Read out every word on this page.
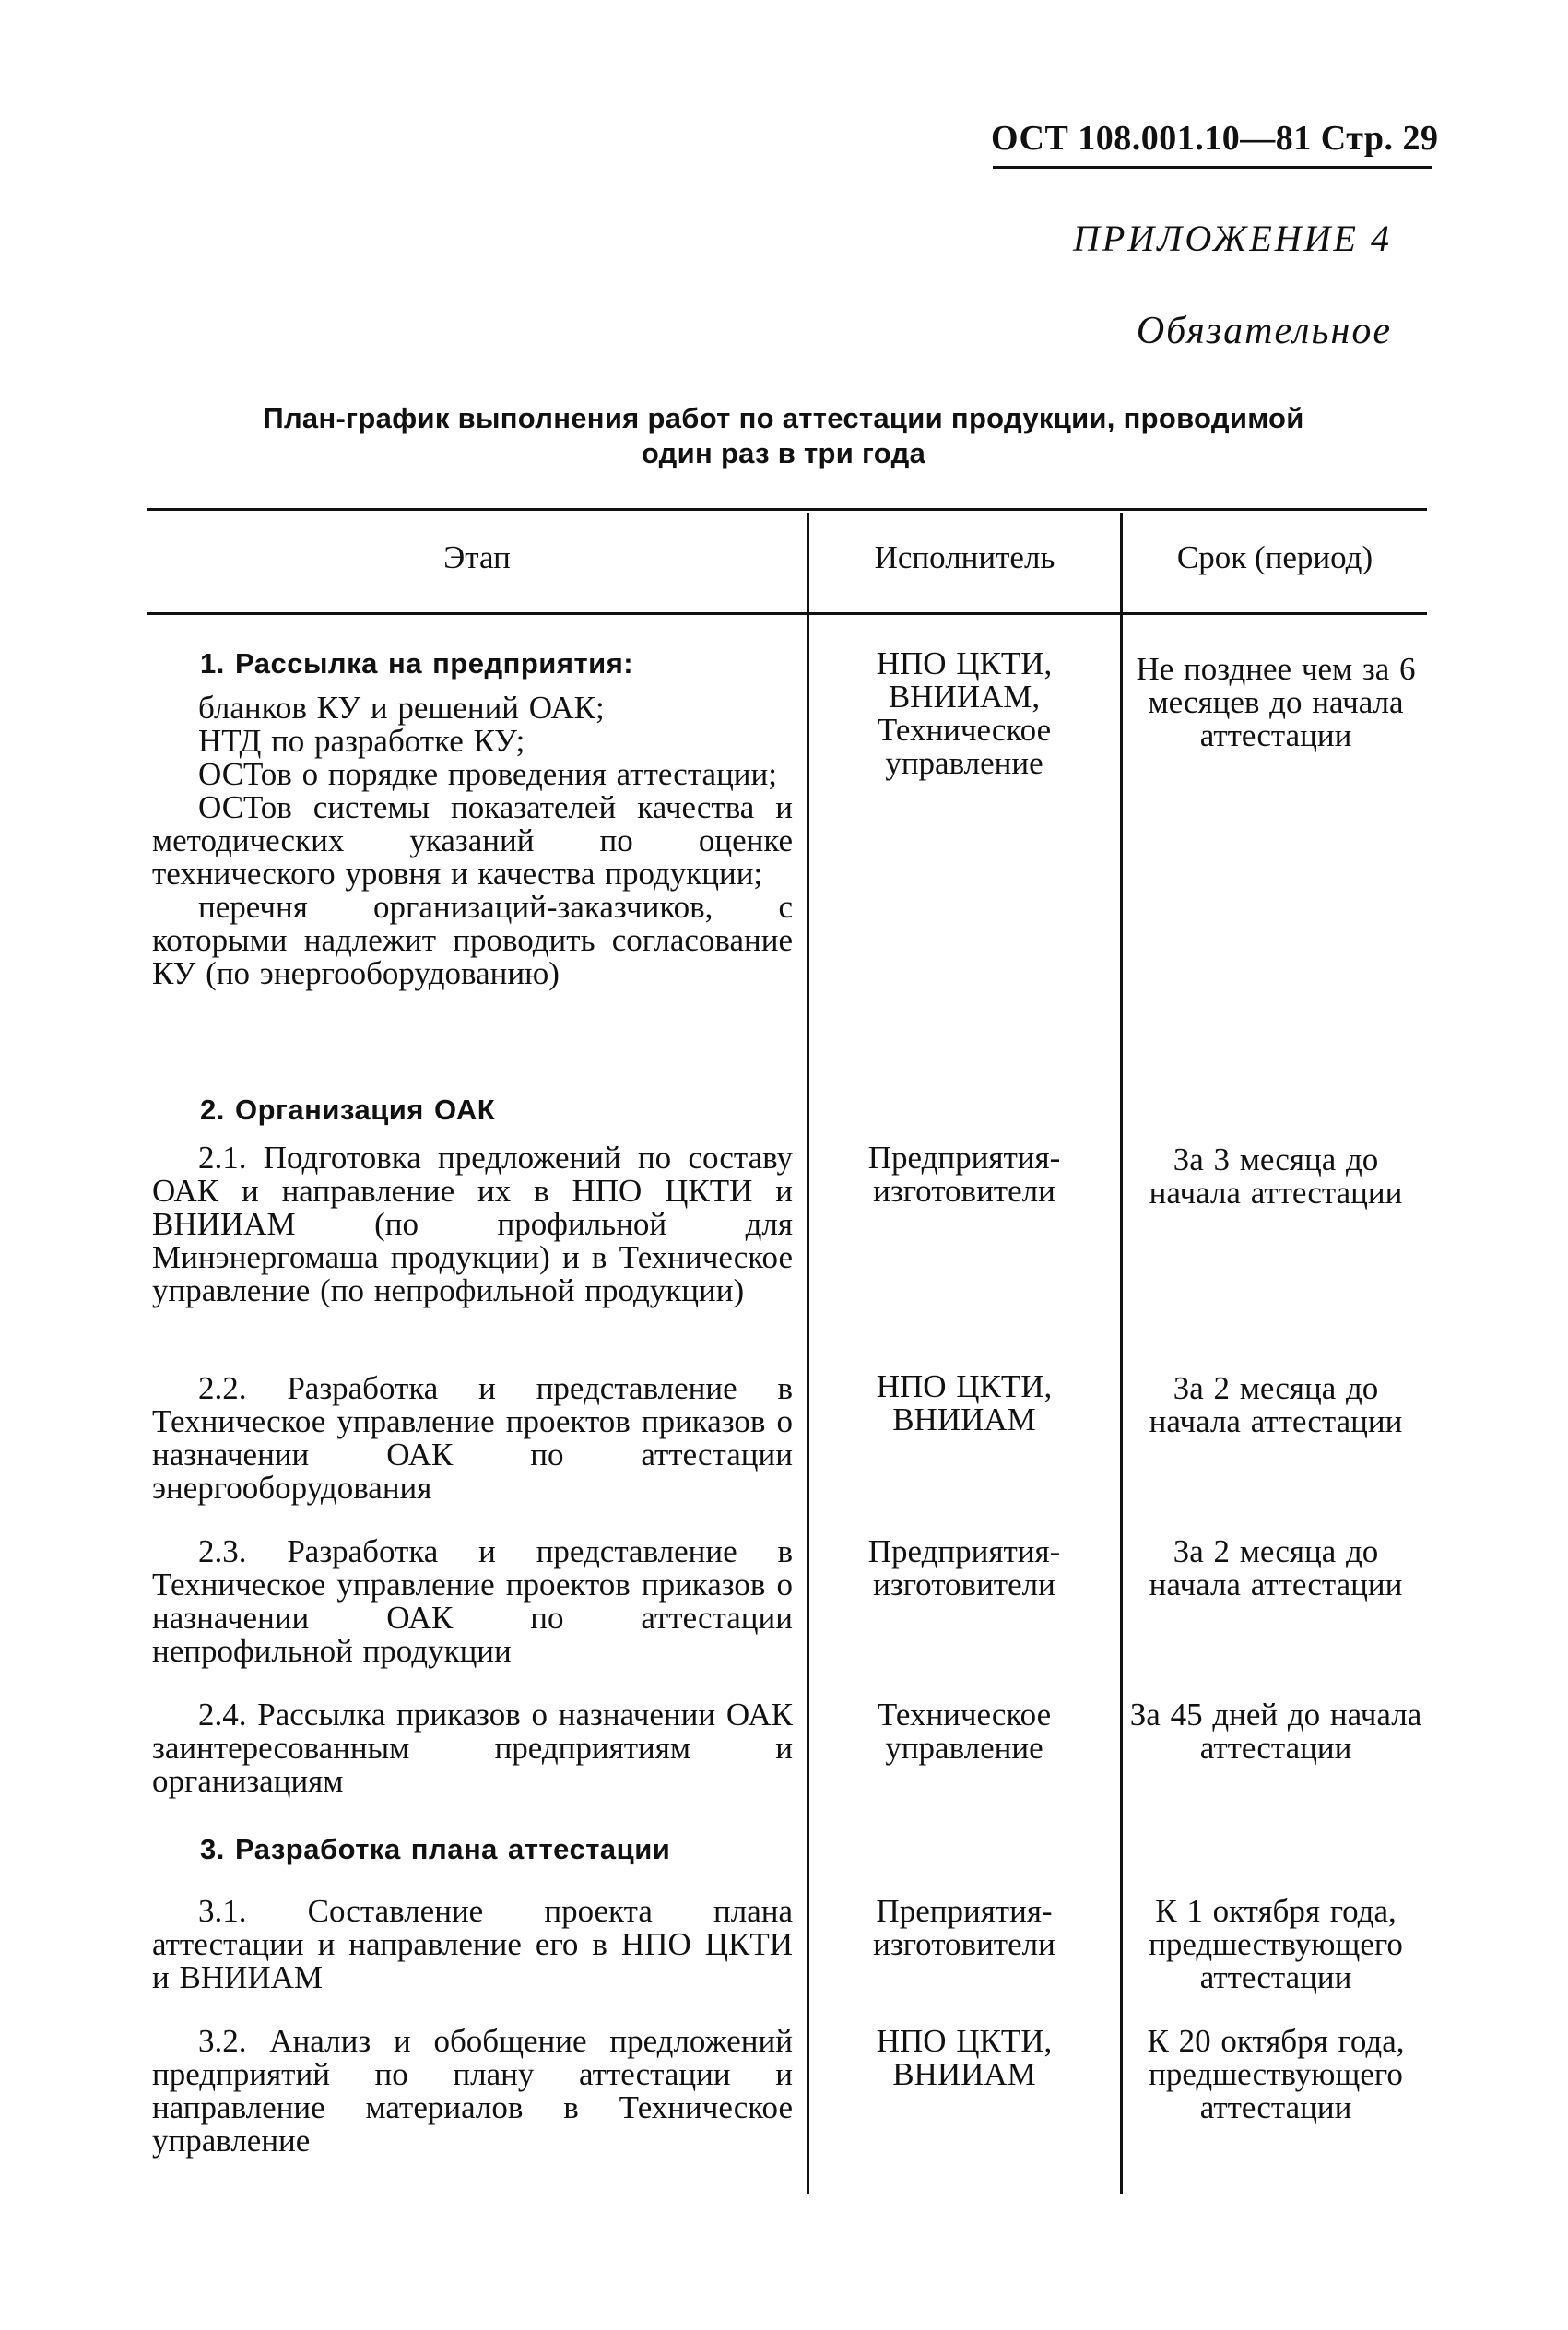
ОСТ 108.001.10—81 Стр. 29
ПРИЛОЖЕНИЕ 4
Обязательное
План-график выполнения работ по аттестации продукции, проводимой
один раз в три года
Этап	Исполнитель	Срок (период)
1. Рассылка на предприятия:
бланков КУ и решений ОАК;
НТД по разработке КУ;
ОСТов о порядке проведения аттестации;
ОСТов системы показателей качества и методических указаний по оценке технического уровня и качества продукции;
перечня организаций-заказчиков, с которыми надлежит проводить согласование КУ (по энергооборудованию)
НПО ЦКТИ, ВНИИАМ, Техническое управление
Не позднее чем за 6 месяцев до начала аттестации
2. Организация ОАК
2.1. Подготовка предложений по составу ОАК и направление их в НПО ЦКТИ и ВНИИАМ (по профильной для Минэнергомаша продукции) и в Техническое управление (по непрофильной продукции)
Предприятия-изготовители
За 3 месяца до начала аттестации
2.2. Разработка и представление в Техническое управление проектов приказов о назначении ОАК по аттестации энергооборудования
НПО ЦКТИ, ВНИИАМ
За 2 месяца до начала аттестации
2.3. Разработка и представление в Техническое управление проектов приказов о назначении ОАК по аттестации непрофильной продукции
Предприятия-изготовители
За 2 месяца до начала аттестации
2.4. Рассылка приказов о назначении ОАК заинтересованным предприятиям и организациям
Техническое управление
За 45 дней до начала аттестации
3. Разработка плана аттестации
3.1. Составление проекта плана аттестации и направление его в НПО ЦКТИ и ВНИИАМ
Преприятия-изготовители
К 1 октября года, предшествующего аттестации
3.2. Анализ и обобщение предложений предприятий по плану аттестации и направление материалов в Техническое управление
НПО ЦКТИ, ВНИИАМ
К 20 октября года, предшествующего аттестации
